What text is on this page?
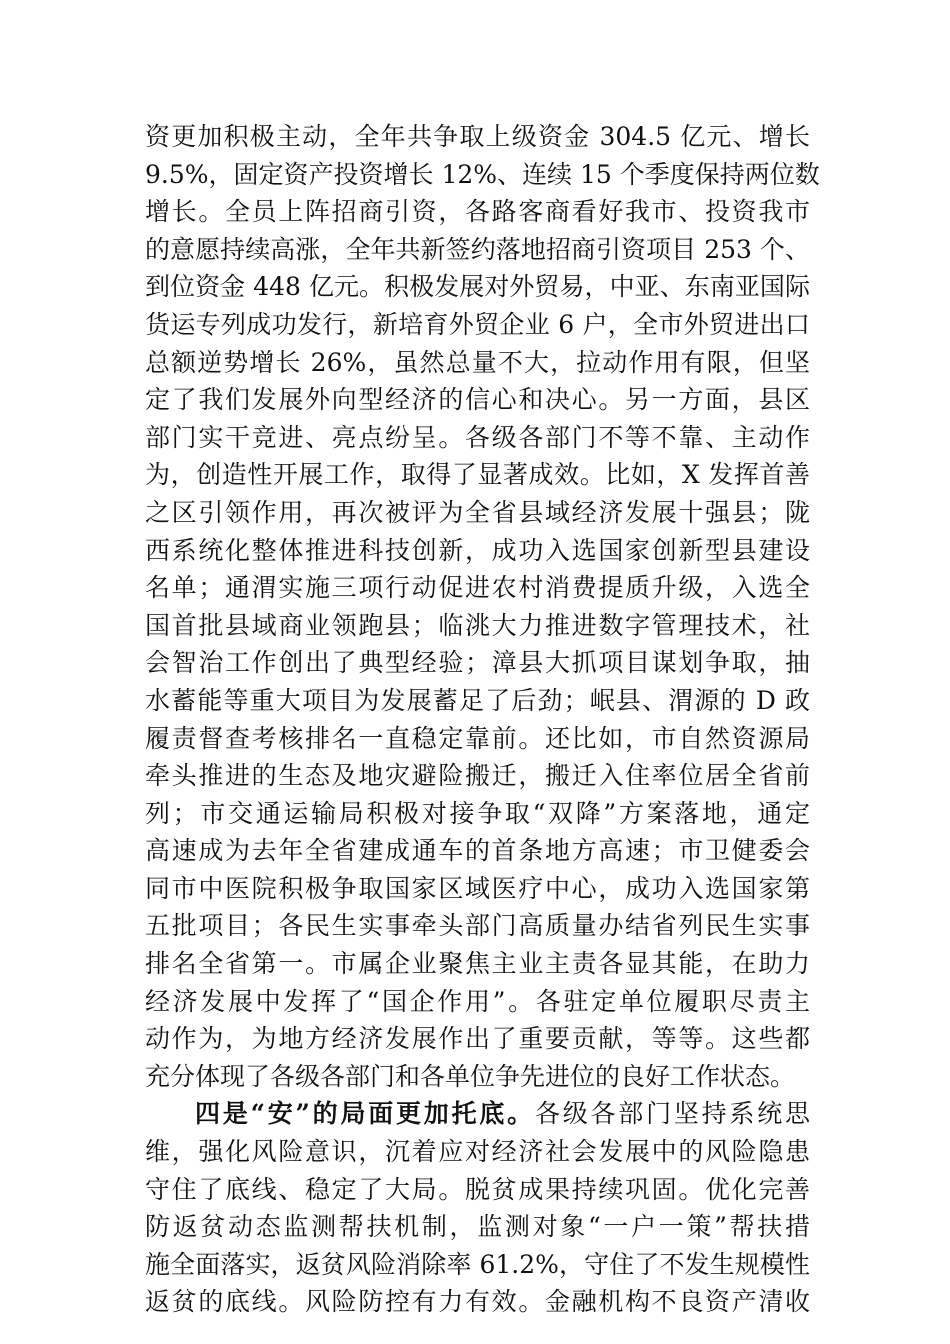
资更加积极主动，全年共争取上级资金 304.5 亿元、增长
9.5%，固定资产投资增长 12%、连续 15 个季度保持两位数
增长。全员上阵招商引资，各路客商看好我市、投资我市
的意愿持续高涨，全年共新签约落地招商引资项目 253 个、
到位资金 448 亿元。积极发展对外贸易，中亚、东南亚国际
货运专列成功发行，新培育外贸企业 6 户，全市外贸进出口
总额逆势增长 26%，虽然总量不大，拉动作用有限，但坚
定了我们发展外向型经济的信心和决心。另一方面，县区
部门实干竞进、亮点纷呈。各级各部门不等不靠、主动作
为，创造性开展工作，取得了显著成效。比如，X 发挥首善
之区引领作用，再次被评为全省县域经济发展十强县；陇
西系统化整体推进科技创新，成功入选国家创新型县建设
名单；通渭实施三项行动促进农村消费提质升级，入选全
国首批县域商业领跑县；临洮大力推进数字管理技术，社
会智治工作创出了典型经验；漳县大抓项目谋划争取，抽
水蓄能等重大项目为发展蓄足了后劲；岷县、渭源的 D 政
履责督查考核排名一直稳定靠前。还比如，市自然资源局
牵头推进的生态及地灾避险搬迁，搬迁入住率位居全省前
列；市交通运输局积极对接争取“双降”方案落地，通定
高速成为去年全省建成通车的首条地方高速；市卫健委会
同市中医院积极争取国家区域医疗中心，成功入选国家第
五批项目；各民生实事牵头部门高质量办结省列民生实事
排名全省第一。市属企业聚焦主业主责各显其能，在助力
经济发展中发挥了“国企作用”。各驻定单位履职尽责主
动作为，为地方经济发展作出了重要贡献，等等。这些都
充分体现了各级各部门和各单位争先进位的良好工作状态。
四是“安”的局面更加托底。各级各部门坚持系统思
维，强化风险意识，沉着应对经济社会发展中的风险隐患
守住了底线、稳定了大局。脱贫成果持续巩固。优化完善
防返贫动态监测帮扶机制，监测对象“一户一策”帮扶措
施全面落实，返贫风险消除率 61.2%，守住了不发生规模性
返贫的底线。风险防控有力有效。金融机构不良资产清收
